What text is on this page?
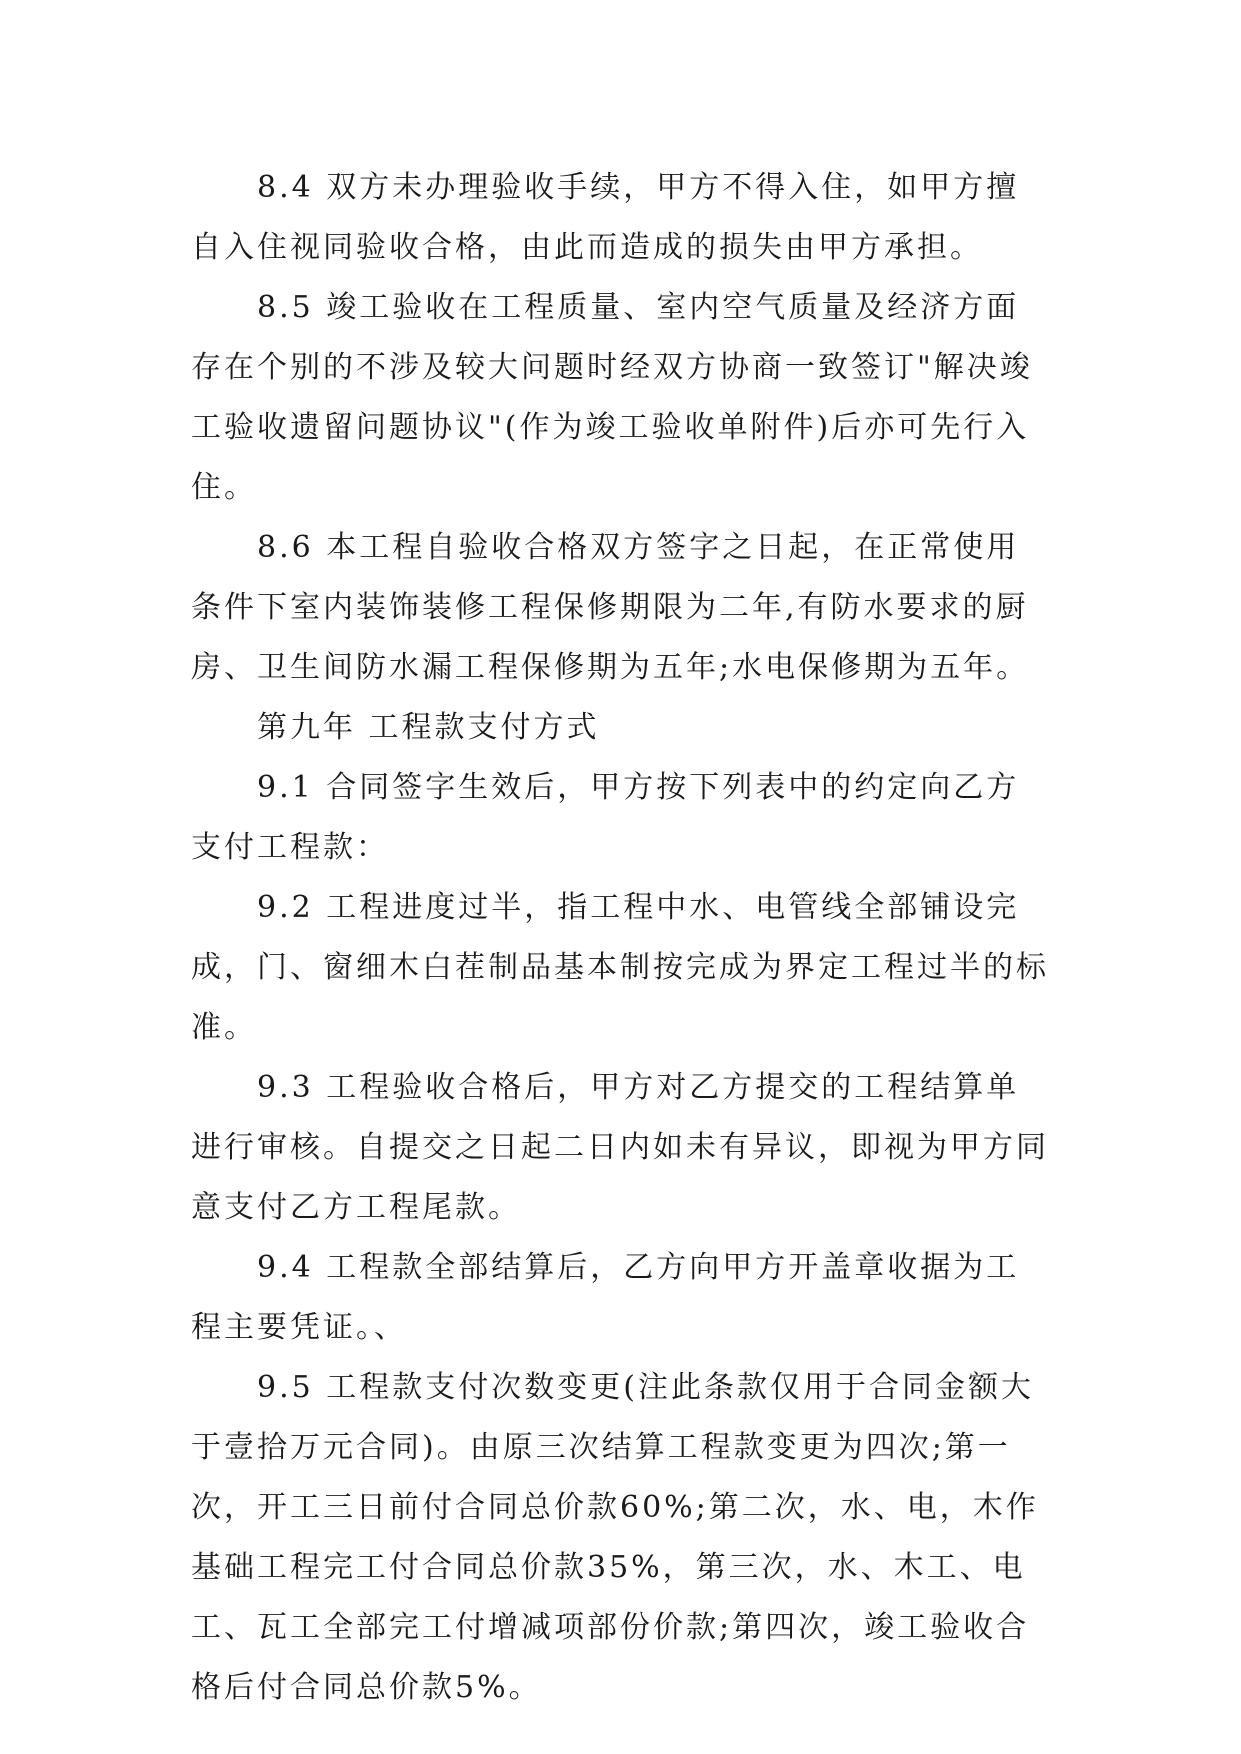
8.4 双方未办理验收手续，甲方不得入住，如甲方擅自入住视同验收合格，由此而造成的损失由甲方承担。

8.5 竣工验收在工程质量、室内空气质量及经济方面存在个别的不涉及较大问题时经双方协商一致签订"解决竣工验收遗留问题协议"(作为竣工验收单附件)后亦可先行入住。

8.6 本工程自验收合格双方签字之日起，在正常使用条件下室内装饰装修工程保修期限为二年,有防水要求的厨房、卫生间防水漏工程保修期为五年;水电保修期为五年。

第九年 工程款支付方式

9.1 合同签字生效后，甲方按下列表中的约定向乙方支付工程款：

9.2 工程进度过半，指工程中水、电管线全部铺设完成，门、窗细木白茬制品基本制按完成为界定工程过半的标准。

9.3 工程验收合格后，甲方对乙方提交的工程结算单进行审核。自提交之日起二日内如未有异议，即视为甲方同意支付乙方工程尾款。

9.4 工程款全部结算后，乙方向甲方开盖章收据为工程主要凭证。、

9.5 工程款支付次数变更(注此条款仅用于合同金额大于壹拾万元合同)。由原三次结算工程款变更为四次;第一次，开工三日前付合同总价款60%;第二次，水、电，木作基础工程完工付合同总价款35%，第三次，水、木工、电工、瓦工全部完工付增减项部份价款;第四次，竣工验收合格后付合同总价款5%。
